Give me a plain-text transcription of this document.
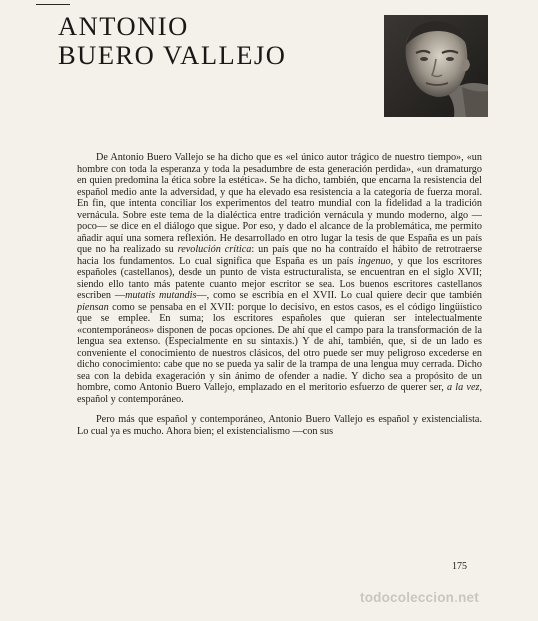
ANTONIO
BUERO VALLEJO

De Antonio Buero Vallejo se ha dicho que es «el único autor trágico de nuestro tiempo», «un hombre con toda la esperanza y toda la pesadumbre de esta generación perdida», «un dramaturgo en quien predomina la ética sobre la estética». Se ha dicho, también, que encarna la resistencia del español medio ante la adversidad, y que ha elevado esa resistencia a la categoría de fuerza moral. En fin, que intenta conciliar los experimentos del teatro mundial con la fidelidad a la tradición vernácula. Sobre este tema de la dialéctica entre tradición vernácula y mundo moderno, algo —poco— se dice en el diálogo que sigue. Por eso, y dado el alcance de la problemática, me permito añadir aquí una somera reflexión. He desarrollado en otro lugar la tesis de que España es un país que no ha realizado su revolución crítica: un país que no ha contraído el hábito de retrotraerse hacia los fundamentos. Lo cual significa que España es un país ingenuo, y que los escritores españoles (castellanos), desde un punto de vista estructuralista, se encuentran en el siglo XVII; siendo ello tanto más patente cuanto mejor escritor se sea. Los buenos escritores castellanos escriben —mutatis mutandis—, como se escribía en el XVII. Lo cual quiere decir que también piensan como se pensaba en el XVII: porque lo decisivo, en estos casos, es el código lingüístico que se emplee. En suma; los escritores españoles que quieran ser intelectualmente «contemporáneos» disponen de pocas opciones. De ahí que el campo para la transformación de la lengua sea extenso. (Especialmente en su sintaxis.) Y de ahí, también, que, si de un lado es conveniente el conocimiento de nuestros clásicos, del otro puede ser muy peligroso excederse en dicho conocimiento: cabe que no se pueda ya salir de la trampa de una lengua muy cerrada. Dicho sea con la debida exageración y sin ánimo de ofender a nadie. Y dicho sea a propósito de un hombre, como Antonio Buero Vallejo, emplazado en el meritorio esfuerzo de querer ser, a la vez, español y contemporáneo.

Pero más que español y contemporáneo, Antonio Buero Vallejo es español y existencialista. Lo cual ya es mucho. Ahora bien; el existencialismo —con sus

175
todocoleccion.net
